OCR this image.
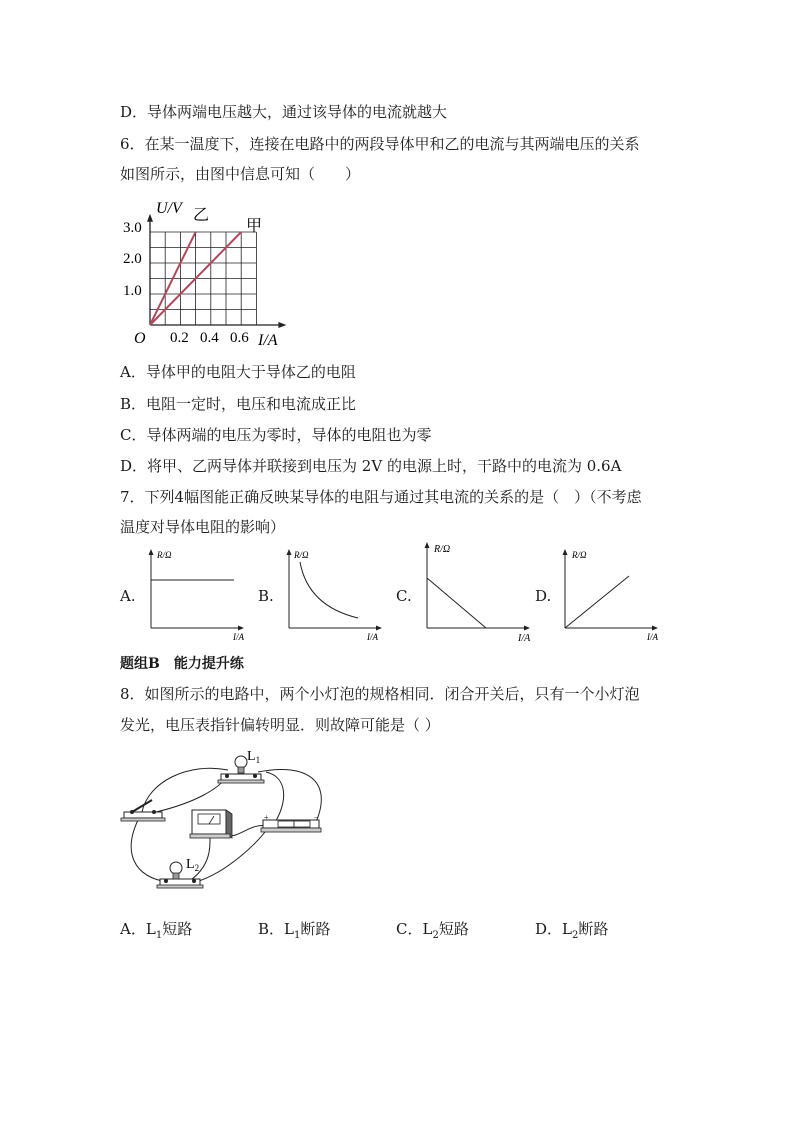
D．导体两端电压越大，通过该导体的电流就越大
6．在某一温度下，连接在电路中的两段导体甲和乙的电流与其两端电压的关系
如图所示，由图中信息可知（　　）
U/V
I/A
O
1.0
2.0
3.0
0.2 0.4 0.6
甲
乙
A．导体甲的电阻大于导体乙的电阻
B．电阻一定时，电压和电流成正比
C．导体两端的电压为零时，导体的电阻也为零
D．将甲、乙两导体并联接到电压为 2V 的电源上时，干路中的电流为 0.6A
7．下列4幅图能正确反映某导体的电阻与通过其电流的关系的是（　）（不考虑
温度对导体电阻的影响）
A.
R/Ω
I/A
B.
R/Ω
I/A
C.
R/Ω
I/A
D.
R/Ω
I/A
题组B　能力提升练
8．如图所示的电路中，两个小灯泡的规格相同．闭合开关后，只有一个小灯泡
发光，电压表指针偏转明显．则故障可能是（ ）
$L_1$
+	−
$L_2$
A．$L_1$短路	B．$L_1$断路	C．$L_2$短路	D．$L_2$断路
